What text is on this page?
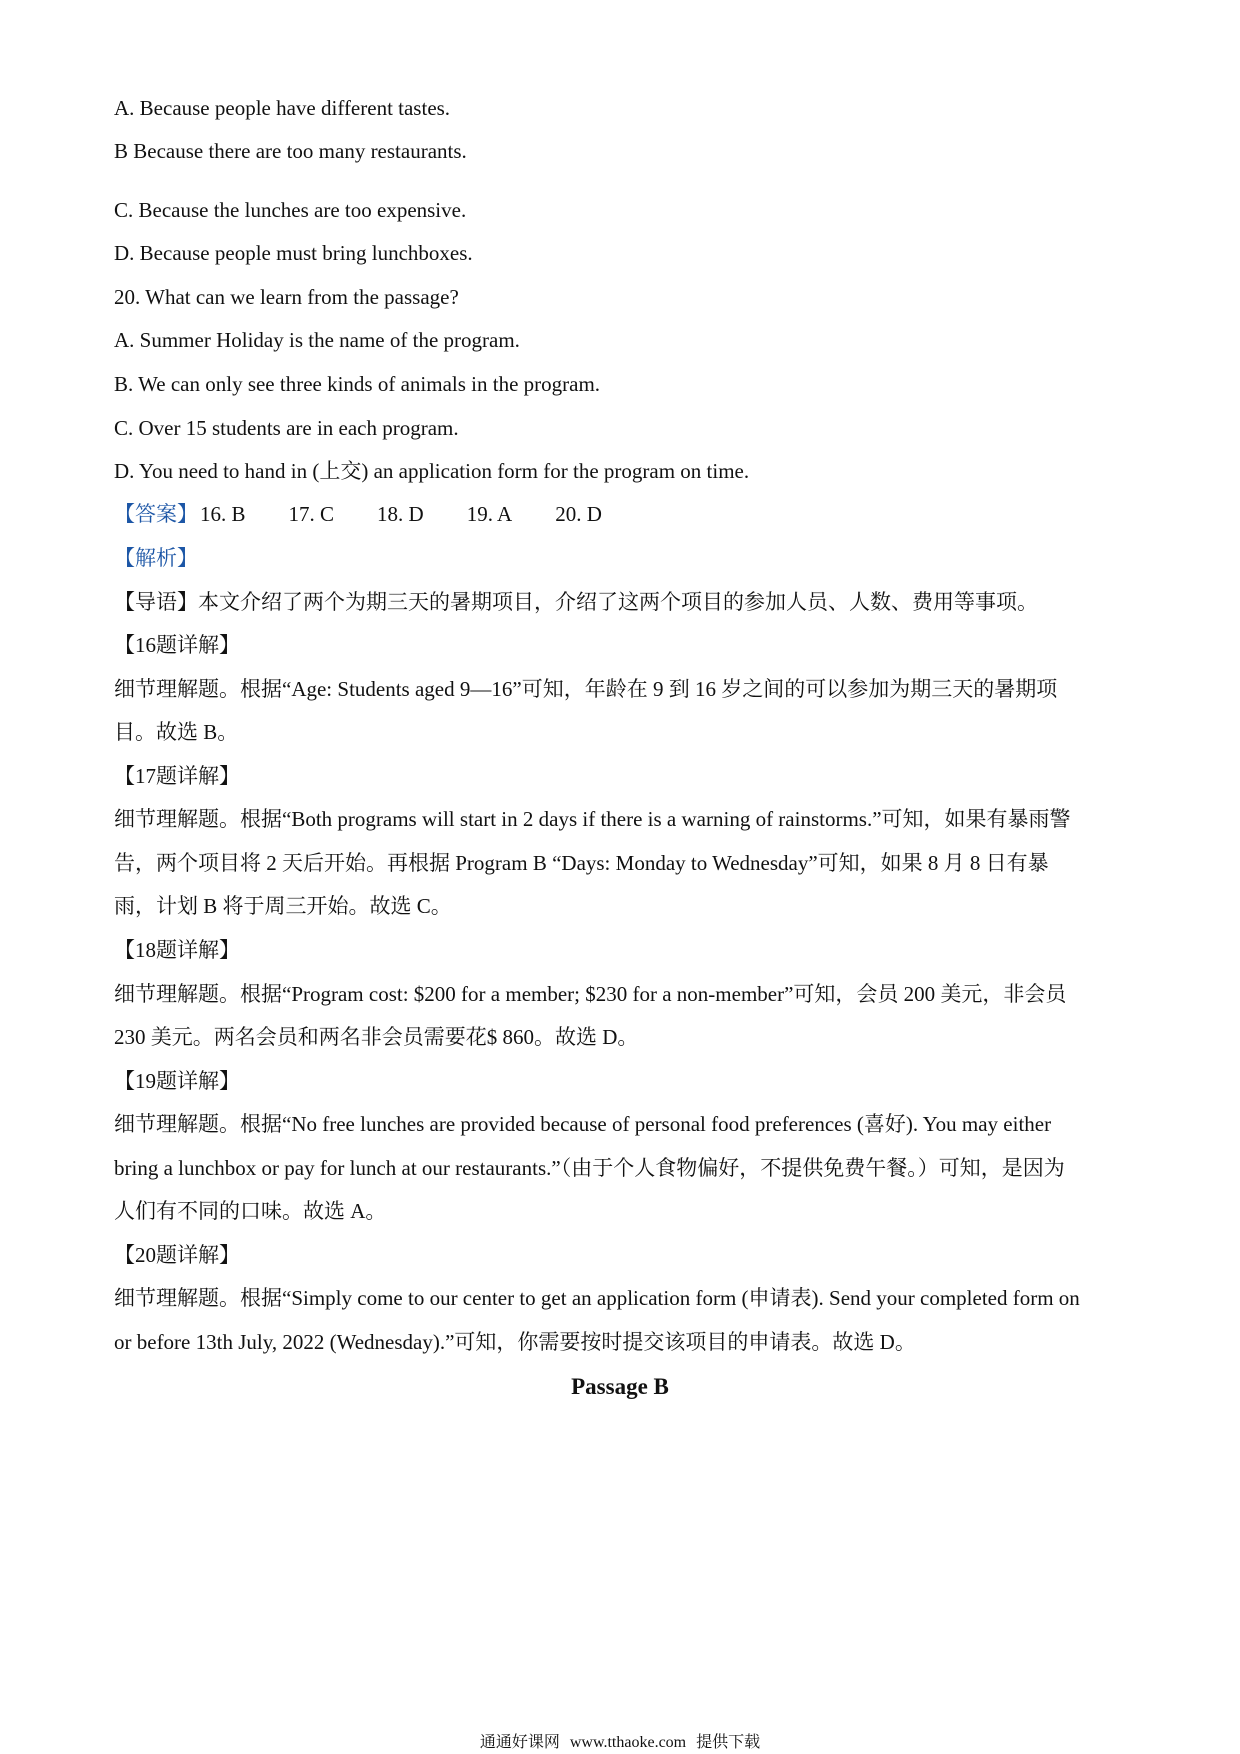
A. Because people have different tastes.
B Because there are too many restaurants.
C. Because the lunches are too expensive.
D. Because people must bring lunchboxes.
20. What can we learn from the passage?
A. Summer Holiday is the name of the program.
B. We can only see three kinds of animals in the program.
C. Over 15 students are in each program.
D. You need to hand in (上交) an application form for the program on time.
【答案】16. B 17. C 18. D 19. A 20. D
【解析】
【导语】本文介绍了两个为期三天的暑期项目，介绍了这两个项目的参加人员、人数、费用等事项。
【16题详解】
细节理解题。根据“Age: Students aged 9—16”可知，年龄在 9 到 16 岁之间的可以参加为期三天的暑期项
目。故选 B。
【17题详解】
细节理解题。根据“Both programs will start in 2 days if there is a warning of rainstorms.”可知，如果有暴雨警
告，两个项目将 2 天后开始。再根据 Program B “Days: Monday to Wednesday”可知，如果 8 月 8 日有暴
雨，计划 B 将于周三开始。故选 C。
【18题详解】
细节理解题。根据“Program cost: $200 for a member; $230 for a non-member”可知，会员 200 美元，非会员
230 美元。两名会员和两名非会员需要花$ 860。故选 D。
【19题详解】
细节理解题。根据“No free lunches are provided because of personal food preferences (喜好). You may either
bring a lunchbox or pay for lunch at our restaurants.”（由于个人食物偏好，不提供免费午餐。）可知，是因为
人们有不同的口味。故选 A。
【20题详解】
细节理解题。根据“Simply come to our center to get an application form (申请表). Send your completed form on
or before 13th July, 2022 (Wednesday).”可知，你需要按时提交该项目的申请表。故选 D。
Passage B
通通好课网 www.tthaoke.com 提供下载
